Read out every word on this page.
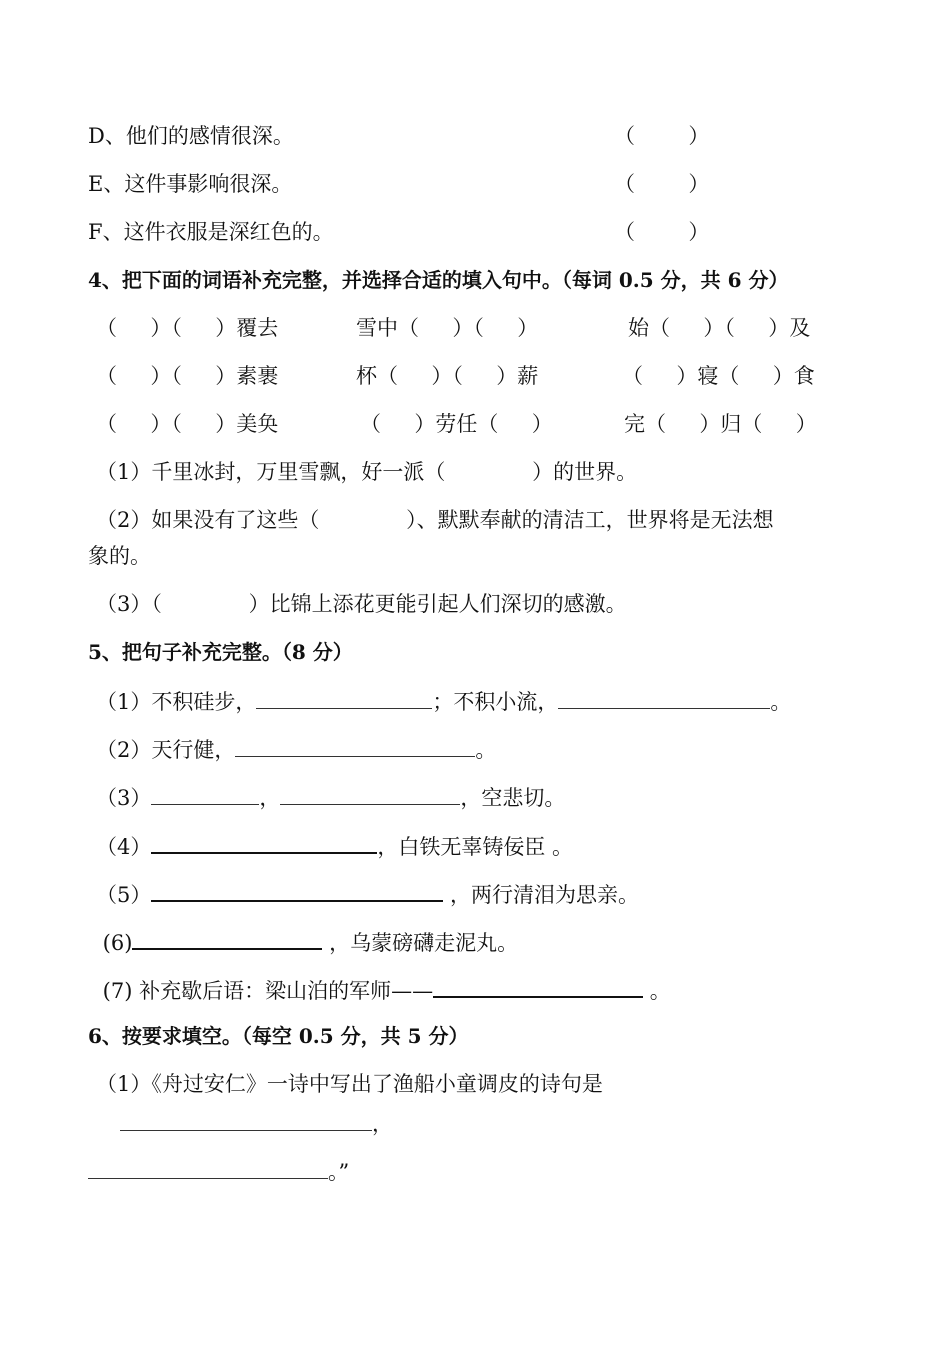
D、他们的感情很深。	（        ）
E、这件事影响很深。	（        ）
F、这件衣服是深红色的。	（        ）
4、把下面的词语补充完整，并选择合适的填入句中。（每词 0.5 分，共 6 分）
（     ）（     ）覆去	雪中（     ）（     ）	始（     ）（     ）及
（     ）（     ）素裹	杯（     ）（     ）薪	（     ）寝（     ）食
（     ）（     ）美奂	（     ）劳任（     ）	完（     ）归（     ）
（1）千里冰封，万里雪飘，好一派（             ）的世界。
（2）如果没有了这些（             ）、默默奉献的清洁工，世界将是无法想
象的。
（3）（             ）比锦上添花更能引起人们深切的感激。
5、把句子补充完整。（8 分）
（1）不积硅步，	；不积小流，	。
（2）天行健，	。
（3）	，	，空悲切。
（4）	，白铁无辜铸佞臣 。
（5）	，两行清泪为思亲。
(6)	，乌蒙磅礴走泥丸。
(7) 补充歇后语：梁山泊的军师——	。
6、按要求填空。（每空 0.5 分，共 5 分）
（1）《舟过安仁》一诗中写出了渔船小童调皮的诗句是
，
。”
